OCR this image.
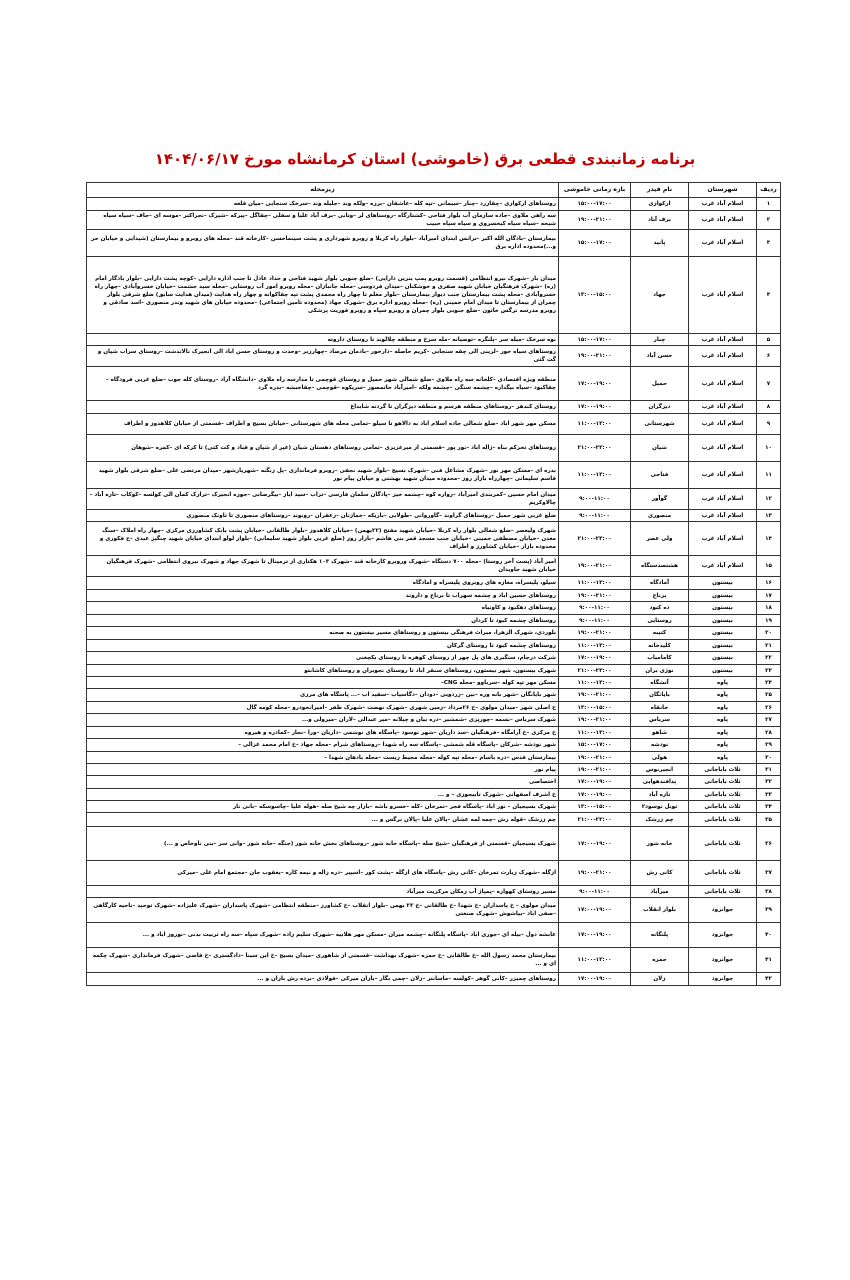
برنامه زمانبندی قطعی برق (خاموشی) استان کرمانشاه مورخ ۱۴۰۴/۰۶/۱۷
ردیف	شهرستان	نام فیدر	بازه زمانی خاموشی	زیرمحله
۱	اسلام آباد غرب	ارکوازی	۱۵:۰۰-۱۷:۰۰	روستاهای ارکوازی –چقازرد –چنار –سیمانی –تپه کله –عاشقان –برزه –ولکه وند –جلیله وند –سرخک سنجابی –میان قلعه
۲	اسلام آباد غرب	برف آباد	۱۹:۰۰-۲۱:۰۰	سه راهی ملاوی –جاده سازمان آب بلوار فتاحی –کشتارگاه –روستاهای لر –وتانی –برف آباد علیا و سفلی –چقاگل –پیرکه –شیرک –نجراکبر –موسه ای –جاف –سیاه سیاه شیخه –سیاه سیاه کیخسروی و سیاه سیاه حبیب
۳	اسلام آباد غرب	پانید	۱۵:۰۰-۱۷:۰۰	بیمارستان –بادگان الله اکبر –ترانس ابتدای امیرآباد –بلوار راه کربلا و روبرو شهرداری و پشت سینماحسن –کارخانه قند –محله های روبرو و بیمارستان (شیدایی و خیابان حر و...)محدوده اداره برق
۴	اسلام آباد غرب	جهاد	۱۳:۰۰-۱۵:۰۰	میدان بار –شهرک نیرو انتظامی (قسمت روبرو پمپ بنزین دارایی) –ضلع جنوبی بلوار شهید فتاحی و حداد عادل تا جنب اداره دارایی –کوچه پشت دارایی –بلوار بادگار امام (ره) –شهرک فرهنگیان خیابان شهید صفری و خوشکنان –میدان فردوسی –محله جانبازان –محله روبرو امور آب روستایی –محله سید حشمت –خیابان خسروآبادی –چهار راه خسروآبادی –محله پشت بیمارستان جنب دیوار بیمارستان –بلوار معلم تا چهار راه محمدی پشت تپه چقاکوانه و چهار راه هدایت (میدان هدایت سابق) ضلع شرقی بلوار چمران از بیمارستان تا میدان امام خمینی (ره) –محله روبرو اداره برق –شهرک جهاد (محدوده تامین اجتماعی) –محدوده خیابان های شهید وندر منصوری –اسد صادقی و روبرو مدرسه نرگس خاتون –ضلع جنوبی بلوار چمران و روبرو سپاه و روبرو فوریت پزشکی
۵	اسلام آباد غرب	چنار	۱۵:۰۰-۱۷:۰۰	نوه سرخک –میله سر –پلنگره –توصیانه –مله سرخ و منطقه چلالوند تا روستای داروته
۶	اسلام آباد غرب	حسن آباد	۱۹:۰۰-۲۱:۰۰	روستاهای سیاه خور –لرینی الی چقه سنجابی –کریم حاصله –دارخور –بادمان مرصاد –چهارزبر –وحدت و روستای حسن اباد الی انجیرک نالاندشت –روستای سراب شیان و گت گتی
۷	اسلام آباد غرب	حمیل	۱۷:۰۰-۱۹:۰۰	منطقه ویژه اقتصادی –کلخانه سه راه ملاوی –ضلع شمالی شهر حمیل و روستای قوچمی تا مدارسه راه ملاوی –دانشگاه آزاد –روستای کله جوب –ضلع غربی فرودگاه –چقاکبود –سیاه بیگداره –چشمه سنگی –چشمه ولکه –امیرآباد حاتمصور –سریکوه –قوچمی –چقاحبشه –بدره گرد
۸	اسلام آباد غرب	دیزگران	۱۷:۰۰-۱۹:۰۰	روستای کندهر –روستاهای منطقه هرسم و منطقه دیزگران تا گردنه شابداغ
۹	اسلام آباد غرب	شهرستانی	۱۱:۰۰-۱۳:۰۰	مسکن مهر شهر اباد –ضلع شمالی جاده اسلام اباد به دالاهو تا سیلو –تمامی محله های شهرستانی –خیابان بسیج و اطراف –قسمتی از خیابان کلاهدوز و اطراف
۱۰	اسلام آباد غرب	شیان	۲۱:۰۰-۲۳:۰۰	روستاهای تخرکم بناه –ژاله اباد –نور پور –قسمتی از میرعزیزی –تمامی روستاهای دهستان شیان (غیر از شیان و قباد و کت کتی) تا کرکه ای –کمره –شوهان
۱۱	اسلام آباد غرب	فتاحی	۱۱:۰۰-۱۳:۰۰	بدره ای –مسکن مهر نور –شهرک مشاغل فنی –شهرک بسیج –بلوار شهید نجفی –روبرو فرمانداری –پل زنگنه –شهریارشهر –میدان مرتضی علی –ضلع شرقی بلوار شهید قاسم سلیمانی –چهارراه بازار روز –محدوده میدان شهید بهشتی و خیابان پیام نور
۱۲	اسلام آباد غرب	گوآور	۹:۰۰-۱۱:۰۰	میدان امام حسین –کمربندی امیرآباد –زواره کوه –چشمه خیز –پادگان سلمان فارسی –تراب –سید ایاز –بیگرصابی –جوزه انجیرک –ترازک کمان الی کولسه –کوکاب –تازه آباد –چالاوکریم
۱۳	اسلام آباد غرب	منصوری	۹:۰۰-۱۱:۰۰	ضلع غربی شهر حمیل –روستاهای گراوند –گاوروانی –طولابی –باریکه –خماژنان –زعفران –رونوند –روستاهای منصوری تا تاونک منصوری
۱۴	اسلام آباد غرب	ولی عصر	۲۱:۰۰-۲۳:۰۰	شهرک ولیعصر –ضلع شمالی بلوار راه کربلا –خیابان شهید مفتح (۲۲بهمن) –خیابان کلاهدوز –بلوار طالقانی –خیابان پشت بانک کشاورزی مرکزی –چهار راه املاک –سنگ معدن –خیابان مصطفی خمینی –خیابان جنب مسجد قمر بنی هاشم –بازار روز (ضلع غربی بلوار شهید سلیمانی) –بلوار لولو ابتدای خیابان شهید چنگیز عبدی –ح فکوری و محدوده بازار –خیابان کشاورز و اطراف
۱۵	اسلام آباد غرب	هشتصدستگاه	۱۹:۰۰-۲۱:۰۰	امیر آباد (پست آخر روستا) –محله ۷۰۰ دستگاه –شهرک وروبرو کارخانه قند –شهرک ۱۰۳ هکتاری از ترمینال تا شهرک جهاد و شهرک نیروی انتظامی –شهرک فرهنگیان خیابان شهید جاویدان
۱۶	بیستون	آمادگاه	۱۱:۰۰-۱۳:۰۰	سیلو، پلیسراه، مغازه های روبروی پلیسراه و امادگاه
۱۷	بیستون	برناج	۱۹:۰۰-۲۱:۰۰	روستاهای حسین اباد و چشمه سهراب تا برناج و داروند
۱۸	بیستون	ده کبود	۹:۰۰-۱۱:۰۰	روستاهای دهکبود و کاونیاه
۱۹	بیستون	روستایی	۹:۰۰-۱۱:۰۰	روستاهای چشمه کبود تا کردان
۲۰	بیستون	کتیبه	۱۹:۰۰-۲۱:۰۰	بلوردی، شهرک الزهرا، میراث فرهنگی بیستون و روستاهای مسیر بیستون به صحنه
۲۱	بیستون	کلیدخانه	۱۱:۰۰-۱۳:۰۰	روستاهای چشمه کبود تا روستای گرکان
۲۲	بیستون	کامامیاب	۱۷:۰۰-۱۹:۰۰	شرکت درجام، سنگبری های پل چهر از روستای کوهره تا روستای بکچغنی
۲۳	بیستون	نوژی بران	۲۱:۰۰-۲۳:۰۰	شهرک بیستون، شهر بیستون، روستاهای سنقر اباد تا روستای نجوبران و روستاهای کاشانتو
۲۴	پاوه	آتشگاه	۱۱:۰۰-۱۳:۰۰	مسکن مهر تپه کوله –سرباوو –محله CNG–
۲۵	پاوه	بایانگان	۱۹:۰۰-۲۱:۰۰	شهر بایانگان –شهر بانه وره –نین –زردوبی –دودان –دگاسیاب –سفید اب –... پاسگاه های مرزی
۲۶	پاوه	خانقاه	۱۳:۰۰-۱۵:۰۰	خ اصلی شهر –میدان مولوی –خ ۲۶مرداد –زمین شهری –شهرک نهضت –شهرک ظفر –امیرانخودرو –محله کومه گال
۲۷	پاوه	سرباس	۱۹:۰۰-۲۱:۰۰	شهرک سرباس –نسمه –چوریزی –شمشیر –دره بیان و چیلانه –میر عبدالی –لاران –میرولی و...
۲۸	پاوه	شاهو	۱۱:۰۰-۱۳:۰۰	خ مرکزی –خ آرامگاه –فرهنگیان –سد داریان –شهر نوسود –پاسگاه های نوشمی –داریان –ورا –نجار –کمادره و هیروه
۲۹	پاوه	نودشه	۱۵:۰۰-۱۷:۰۰	شهر نودشه –شرکان –پاسگاه قله شمشی –پاسگاه سه راه شهدا –روستاهای شرام –محله جهاد –خ امام محمد غزالی –
۳۰	پاوه	هولی	۱۹:۰۰-۲۱:۰۰	بیمارستان قدس –دره باسام –محله تپه کوله –محله محیط زیست –محله بادهان شهدا –
۳۱	ثلاث باباجانی	انجیرنوس	۱۹:۰۰-۲۱:۰۰	پیام نور
۳۲	ثلاث باباجانی	پدافندهوایی	۱۷:۰۰-۱۹:۰۰	اختصاصی
۳۳	ثلاث باباجانی	تازه آباد	۱۷:۰۰-۱۹:۰۰	خ اشرف اصفهانی –شهرک تابیجوزی – و ...
۳۴	ثلاث باباجانی	تونل نوسود۲	۱۳:۰۰-۱۵:۰۰	شهرک بسیجیان – نور اباد –پاسگاه فجر –تمرخان –کله –خسرو باشه –بازار چه شیخ صله –هوله علیا –چاسوسکه –بانی نار
۳۵	ثلاث باباجانی	چم زرشک	۲۱:۰۰-۲۳:۰۰	چم زرشک –قوله رش –چمه لمه عشان –پالان علیا –پالان نرگس و ...
۳۶	ثلاث باباجانی	خانه شور	۱۷:۰۰-۱۹:۰۰	شهرک بسیجیان –قسمتی از فرهنگیان –شیخ صله –پاسگاه خانه شور –روستاهای بخش خانه شور (جنگه –خانه شور –وانی سر –بنی ناوخاص و ...)
۳۷	ثلاث باباجانی	کانی رش	۱۹:۰۰-۲۱:۰۰	ازگله –شهرک زیارت تمرخان –کانی رش –پاسگاه های ازگله –پشت کور –اسپیر –دره زاله و نیمه کاره –یعقوب جان –مجتمع امام علی –میرکی
۳۸	ثلاث باباجانی	میرآباد	۹:۰۰-۱۱:۰۰	مسیر روستای کهواره –پمپاژ آب زمکان مرکزیت میرآباد
۳۹	جوانرود	بلوار انقلاب	۱۷:۰۰-۱۹:۰۰	میدان مولوی – خ پاسداران –خ شهدا –خ طالقانی –خ ۲۲ بهمن –بلوار انقلاب –خ کشاورز –منطقه انتظامی –شهرک پاسداران –شهرک علیزاده –شهرک توحید –ناحیه کارگاهی –صفی اباد –بیاشوش –شهرک صنعتی
۴۰	جوانرود	پلنگانه	۱۷:۰۰-۱۹:۰۰	عابشه دول –بیله ای –جوری اباد –پاسگاه پلنگانه –چشمه میران –مسکن مهر هلابیه –شهرک سلیم زاده –شهرک سپاه –سه راه تربیت بدنی –نوروز اباد و ...
۴۱	جوانرود	حمزه	۱۱:۰۰-۱۳:۰۰	بیمارستان محمد رسول الله –خ طالقانی –خ حمزه –شهرک بهداشت –قسمتی از شاهوری –میدان بسیج –خ ابن سینا –دادگستری –خ قاضی –شهرک فرمانداری –شهرک چکمه ای و ...
۴۲	جوانرود	زلان	۱۷:۰۰-۱۹:۰۰	روستاهای چمیزر –کانی گوهر –کولسه –ماسانتر –زلان –چمی بگار –بازان میرکی –فولادی –برده رش بازان و ...
